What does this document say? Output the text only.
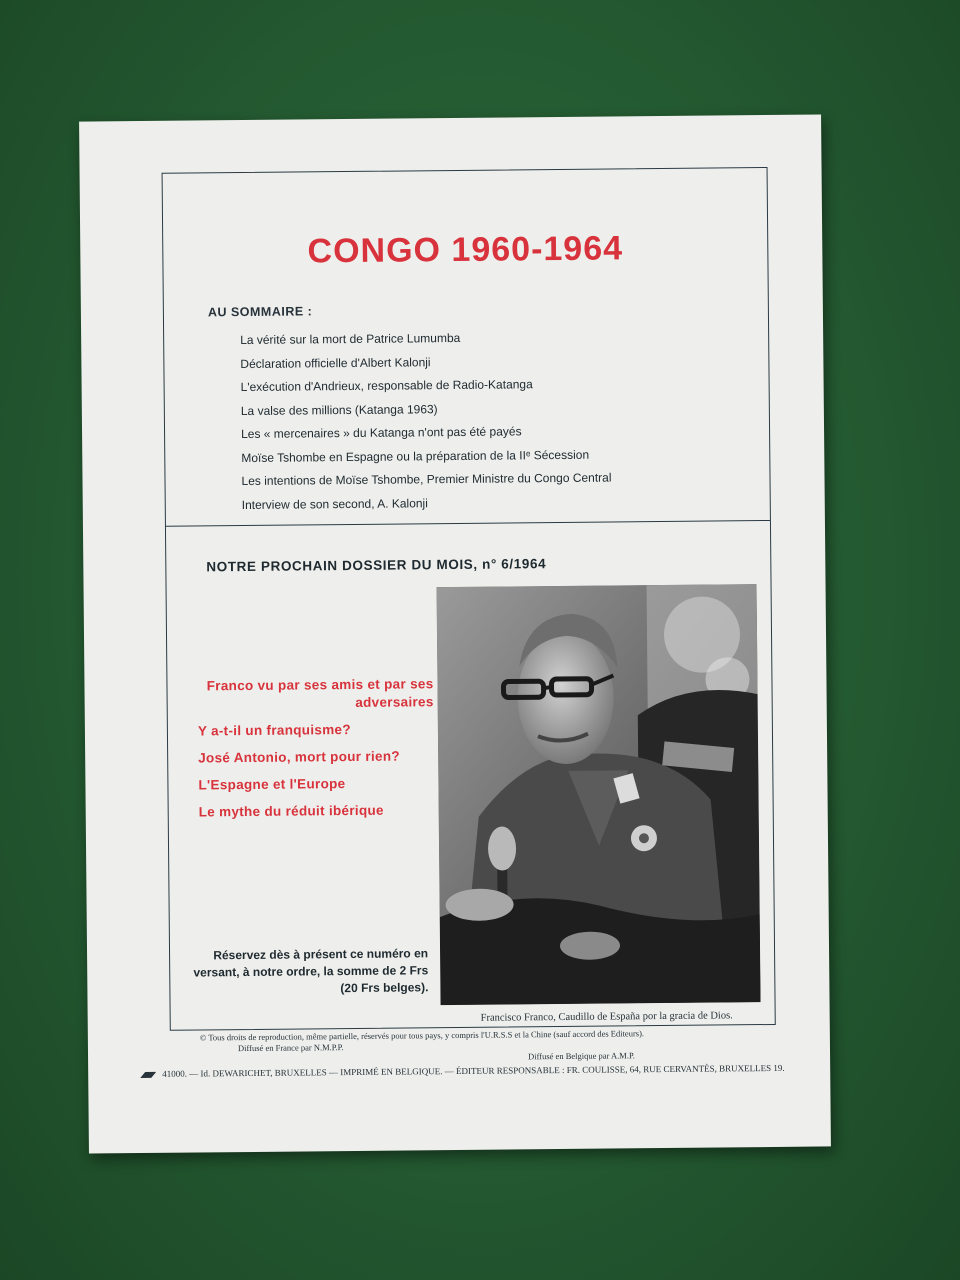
CONGO 1960-1964
AU SOMMAIRE :
La vérité sur la mort de Patrice Lumumba
Déclaration officielle d'Albert Kalonji
L'exécution d'Andrieux, responsable de Radio-Katanga
La valse des millions (Katanga 1963)
Les « mercenaires » du Katanga n'ont pas été payés
Moïse Tshombe en Espagne ou la préparation de la IIᵉ Sécession
Les intentions de Moïse Tshombe, Premier Ministre du Congo Central
Interview de son second, A. Kalonji
NOTRE PROCHAIN DOSSIER DU MOIS, n° 6/1964
Franco vu par ses amis et par ses adversaires
Y a-t-il un franquisme?
José Antonio, mort pour rien?
L'Espagne et l'Europe
Le mythe du réduit ibérique
Réservez dès à présent ce numéro en versant, à notre ordre, la somme de 2 Frs (20 Frs belges).
Francisco Franco, Caudillo de España por la gracia de Dios.
© Tous droits de reproduction, même partielle, réservés pour tous pays, y compris l'U.R.S.S et la Chine (sauf accord des Editeurs).
Diffusé en France par N.M.P.P.
Diffusé en Belgique par A.M.P.
41000. — Id. DEWARICHET, BRUXELLES — IMPRIMÉ EN BELGIQUE. — ÉDITEUR RESPONSABLE : FR. COULISSE, 64, RUE CERVANTÈS, BRUXELLES 19.
